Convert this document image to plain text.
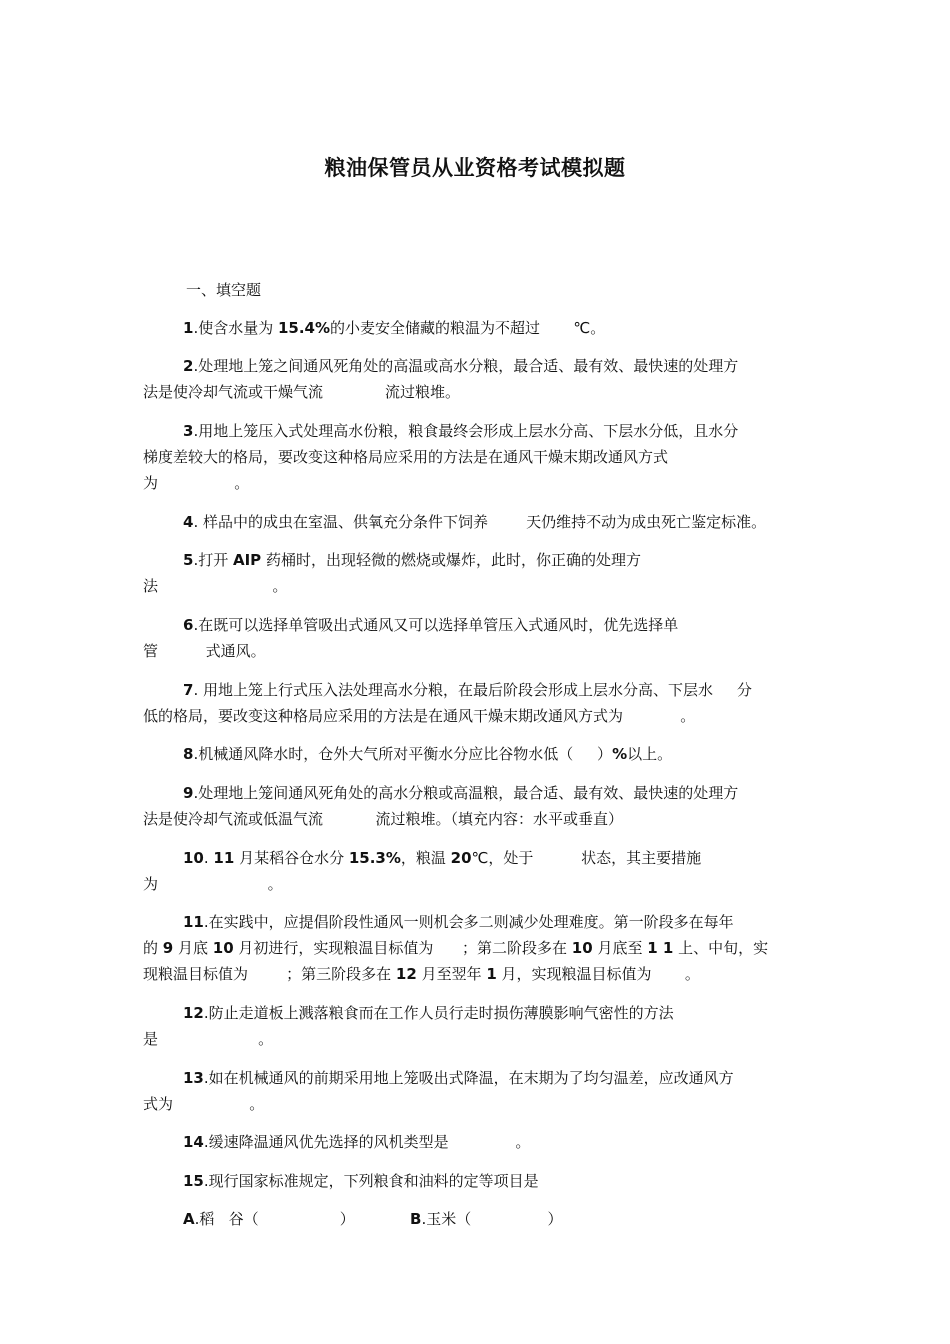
粮油保管员从业资格考试模拟题
一、填空题
1.使含水量为 15.4%的小麦安全储藏的粮温为不超过       ℃。
2.处理地上笼之间通风死角处的高温或高水分粮，最合适、最有效、最快速的处理方
法是使冷却气流或干燥气流             流过粮堆。
3.用地上笼压入式处理高水份粮，粮食最终会形成上层水分高、下层水分低，且水分
梯度差较大的格局，要改变这种格局应采用的方法是在通风干燥末期改通风方式
为                。
4. 样品中的成虫在室温、供氧充分条件下饲养        天仍维持不动为成虫死亡鉴定标准。
5.打开 AIP 药桶时，出现轻微的燃烧或爆炸，此时，你正确的处理方
法                        。
6.在既可以选择单管吸出式通风又可以选择单管压入式通风时，优先选择单
管          式通风。
7. 用地上笼上行式压入法处理高水分粮，在最后阶段会形成上层水分高、下层水     分
低的格局，要改变这种格局应采用的方法是在通风干燥末期改通风方式为            。
8.机械通风降水时，仓外大气所对平衡水分应比谷物水低（     ）%以上。
9.处理地上笼间通风死角处的高水分粮或高温粮，最合适、最有效、最快速的处理方
法是使冷却气流或低温气流           流过粮堆。（填充内容：水平或垂直）
10. 11 月某稻谷仓水分 15.3%，粮温 20℃，处于          状态，其主要措施
为                       。
11.在实践中，应提倡阶段性通风一则机会多二则减少处理难度。第一阶段多在每年
的 9 月底 10 月初进行，实现粮温目标值为      ；第二阶段多在 10 月底至 1 1 上、中旬，实
现粮温目标值为        ；第三阶段多在 12 月至翌年 1 月，实现粮温目标值为       。
12.防止走道板上溅落粮食而在工作人员行走时损伤薄膜影响气密性的方法
是                     。
13.如在机械通风的前期采用地上笼吸出式降温，在末期为了均匀温差，应改通风方
式为                。
14.缓速降温通风优先选择的风机类型是              。
15.现行国家标准规定，下列粮食和油料的定等项目是
A.稻   谷（                 ）	B.玉米（                ）
